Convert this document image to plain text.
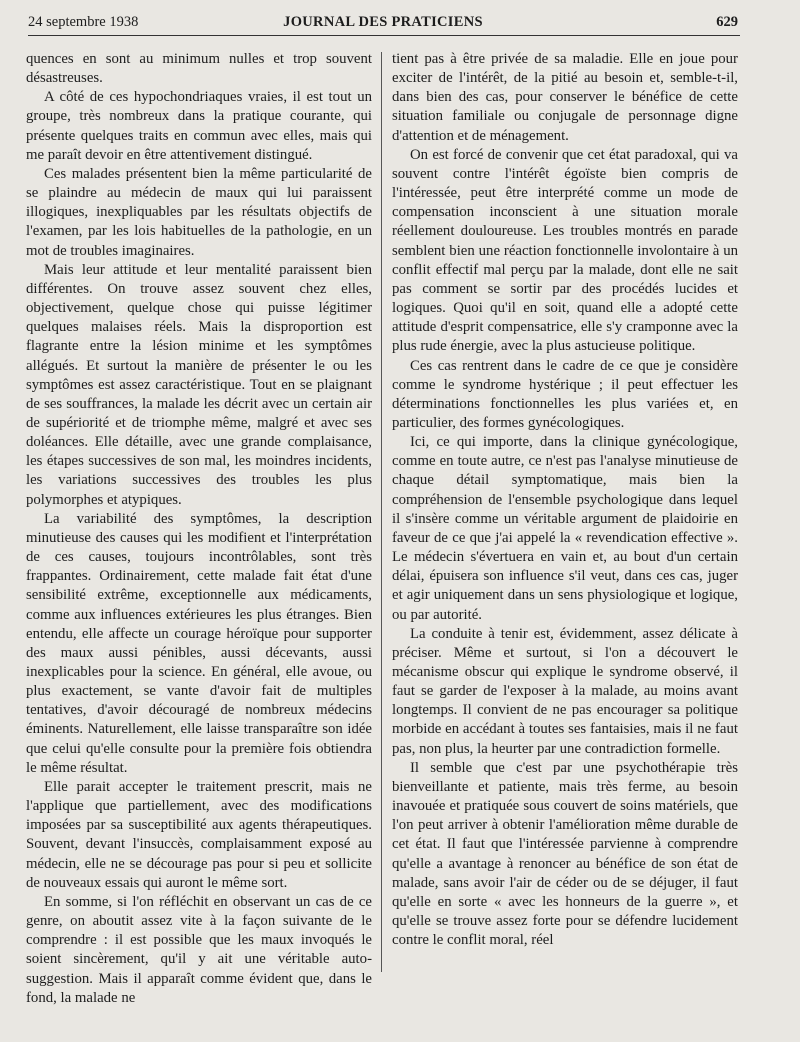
24 septembre 1938	JOURNAL DES PRATICIENS	629

quences en sont au minimum nulles et trop souvent désastreuses.

A côté de ces hypochondriaques vraies, il est tout un groupe, très nombreux dans la pratique courante, qui présente quelques traits en commun avec elles, mais qui me paraît devoir en être attentivement distingué.

Ces malades présentent bien la même particularité de se plaindre au médecin de maux qui lui paraissent illogiques, inexpliquables par les résultats objectifs de l'examen, par les lois habituelles de la pathologie, en un mot de troubles imaginaires.

Mais leur attitude et leur mentalité paraissent bien différentes. On trouve assez souvent chez elles, objectivement, quelque chose qui puisse légitimer quelques malaises réels. Mais la disproportion est flagrante entre la lésion minime et les symptômes allégués. Et surtout la manière de présenter le ou les symptômes est assez caractéristique. Tout en se plaignant de ses souffrances, la malade les décrit avec un certain air de supériorité et de triomphe même, malgré et avec ses doléances. Elle détaille, avec une grande complaisance, les étapes successives de son mal, les moindres incidents, les variations successives des troubles les plus polymorphes et atypiques.

La variabilité des symptômes, la description minutieuse des causes qui les modifient et l'interprétation de ces causes, toujours incontrôlables, sont très frappantes. Ordinairement, cette malade fait état d'une sensibilité extrême, exceptionnelle aux médicaments, comme aux influences extérieures les plus étranges. Bien entendu, elle affecte un courage héroïque pour supporter des maux aussi pénibles, aussi décevants, aussi inexplicables pour la science. En général, elle avoue, ou plus exactement, se vante d'avoir fait de multiples tentatives, d'avoir découragé de nombreux médecins éminents. Naturellement, elle laisse transparaître son idée que celui qu'elle consulte pour la première fois obtiendra le même résultat.

Elle parait accepter le traitement prescrit, mais ne l'applique que partiellement, avec des modifications imposées par sa susceptibilité aux agents thérapeutiques. Souvent, devant l'insuccès, complaisamment exposé au médecin, elle ne se décourage pas pour si peu et sollicite de nouveaux essais qui auront le même sort.

En somme, si l'on réfléchit en observant un cas de ce genre, on aboutit assez vite à la façon suivante de le comprendre : il est possible que les maux invoqués le soient sincèrement, qu'il y ait une véritable auto-suggestion. Mais il apparaît comme évident que, dans le fond, la malade ne

tient pas à être privée de sa maladie. Elle en joue pour exciter de l'intérêt, de la pitié au besoin et, semble-t-il, dans bien des cas, pour conserver le bénéfice de cette situation familiale ou conjugale de personnage digne d'attention et de ménagement.

On est forcé de convenir que cet état paradoxal, qui va souvent contre l'intérêt égoïste bien compris de l'intéressée, peut être interprété comme un mode de compensation inconscient à une situation morale réellement douloureuse. Les troubles montrés en parade semblent bien une réaction fonctionnelle involontaire à un conflit effectif mal perçu par la malade, dont elle ne sait pas comment se sortir par des procédés lucides et logiques. Quoi qu'il en soit, quand elle a adopté cette attitude d'esprit compensatrice, elle s'y cramponne avec la plus rude énergie, avec la plus astucieuse politique.

Ces cas rentrent dans le cadre de ce que je considère comme le syndrome hystérique ; il peut effectuer les déterminations fonctionnelles les plus variées et, en particulier, des formes gynécologiques.

Ici, ce qui importe, dans la clinique gynécologique, comme en toute autre, ce n'est pas l'analyse minutieuse de chaque détail symptomatique, mais bien la compréhension de l'ensemble psychologique dans lequel il s'insère comme un véritable argument de plaidoirie en faveur de ce que j'ai appelé la « revendication effective ». Le médecin s'évertuera en vain et, au bout d'un certain délai, épuisera son influence s'il veut, dans ces cas, juger et agir uniquement dans un sens physiologique et logique, ou par autorité.

La conduite à tenir est, évidemment, assez délicate à préciser. Même et surtout, si l'on a découvert le mécanisme obscur qui explique le syndrome observé, il faut se garder de l'exposer à la malade, au moins avant longtemps. Il convient de ne pas encourager sa politique morbide en accédant à toutes ses fantaisies, mais il ne faut pas, non plus, la heurter par une contradiction formelle.

Il semble que c'est par une psychothérapie très bienveillante et patiente, mais très ferme, au besoin inavouée et pratiquée sous couvert de soins matériels, que l'on peut arriver à obtenir l'amélioration même durable de cet état. Il faut que l'intéressée parvienne à comprendre qu'elle a avantage à renoncer au bénéfice de son état de malade, sans avoir l'air de céder ou de se déjuger, il faut qu'elle en sorte « avec les honneurs de la guerre », et qu'elle se trouve assez forte pour se défendre lucidement contre le conflit moral, réel
